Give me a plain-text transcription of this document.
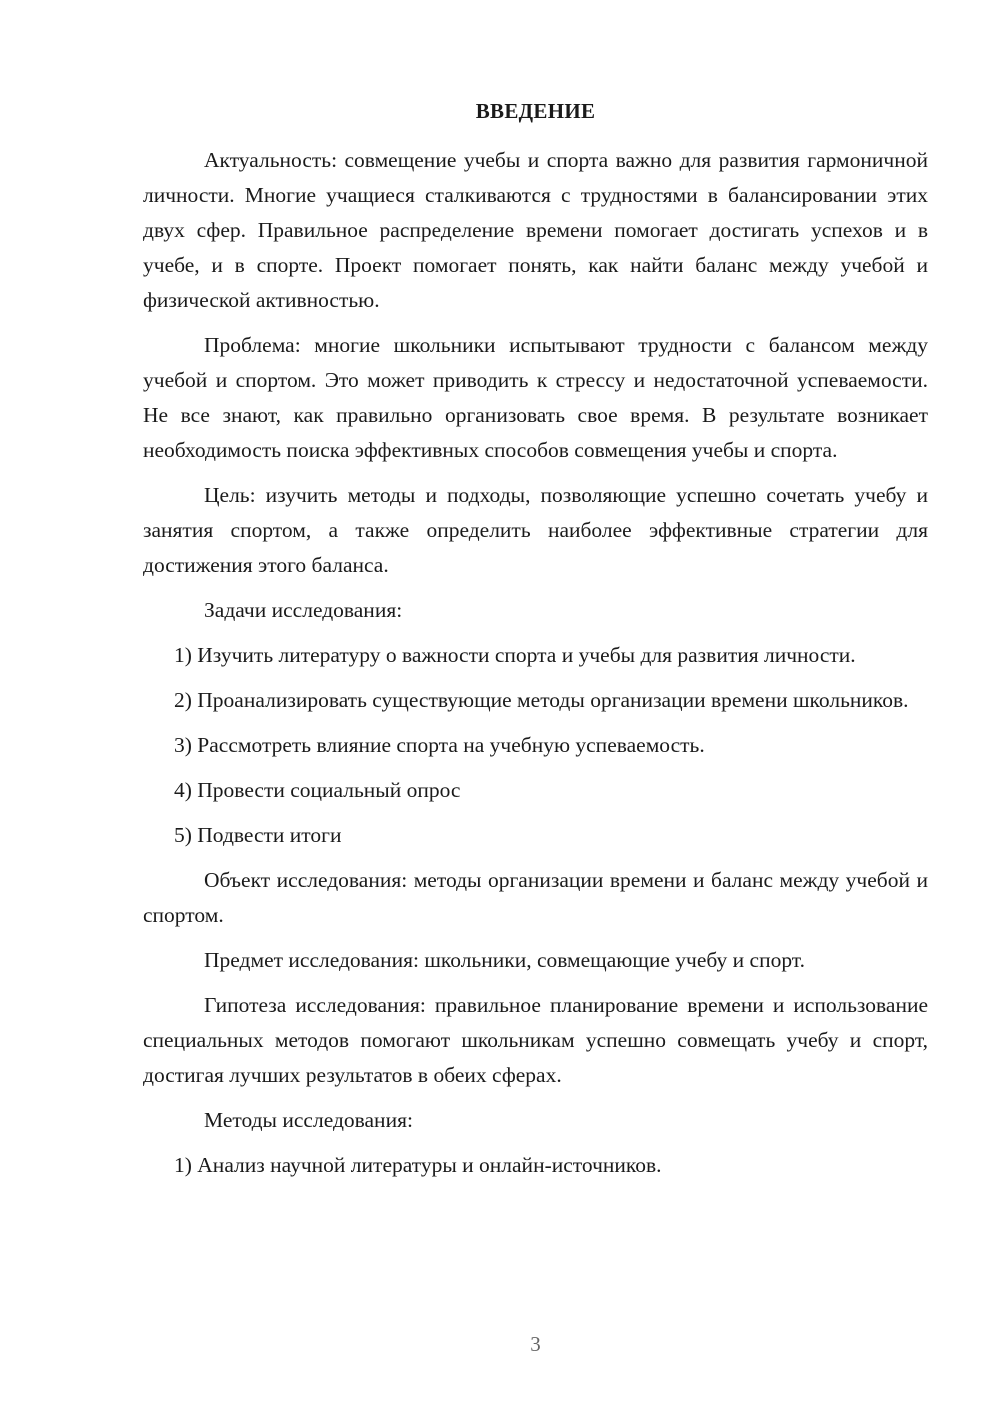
ВВЕДЕНИЕ

Актуальность: совмещение учебы и спорта важно для развития гармоничной личности. Многие учащиеся сталкиваются с трудностями в балансировании этих двух сфер. Правильное распределение времени помогает достигать успехов и в учебе, и в спорте. Проект помогает понять, как найти баланс между учебой и физической активностью.

Проблема: многие школьники испытывают трудности с балансом между учебой и спортом. Это может приводить к стрессу и недостаточной успеваемости. Не все знают, как правильно организовать свое время. В результате возникает необходимость поиска эффективных способов совмещения учебы и спорта.

Цель: изучить методы и подходы, позволяющие успешно сочетать учебу и занятия спортом, а также определить наиболее эффективные стратегии для достижения этого баланса.

Задачи исследования:

1) Изучить литературу о важности спорта и учебы для развития личности.

2) Проанализировать существующие методы организации времени школьников.

3) Рассмотреть влияние спорта на учебную успеваемость.

4) Провести социальный опрос

5) Подвести итоги

Объект исследования: методы организации времени и баланс между учебой и спортом.

Предмет исследования: школьники, совмещающие учебу и спорт.

Гипотеза исследования: правильное планирование времени и использование специальных методов помогают школьникам успешно совмещать учебу и спорт, достигая лучших результатов в обеих сферах.

Методы исследования:

1) Анализ научной литературы и онлайн-источников.

3
